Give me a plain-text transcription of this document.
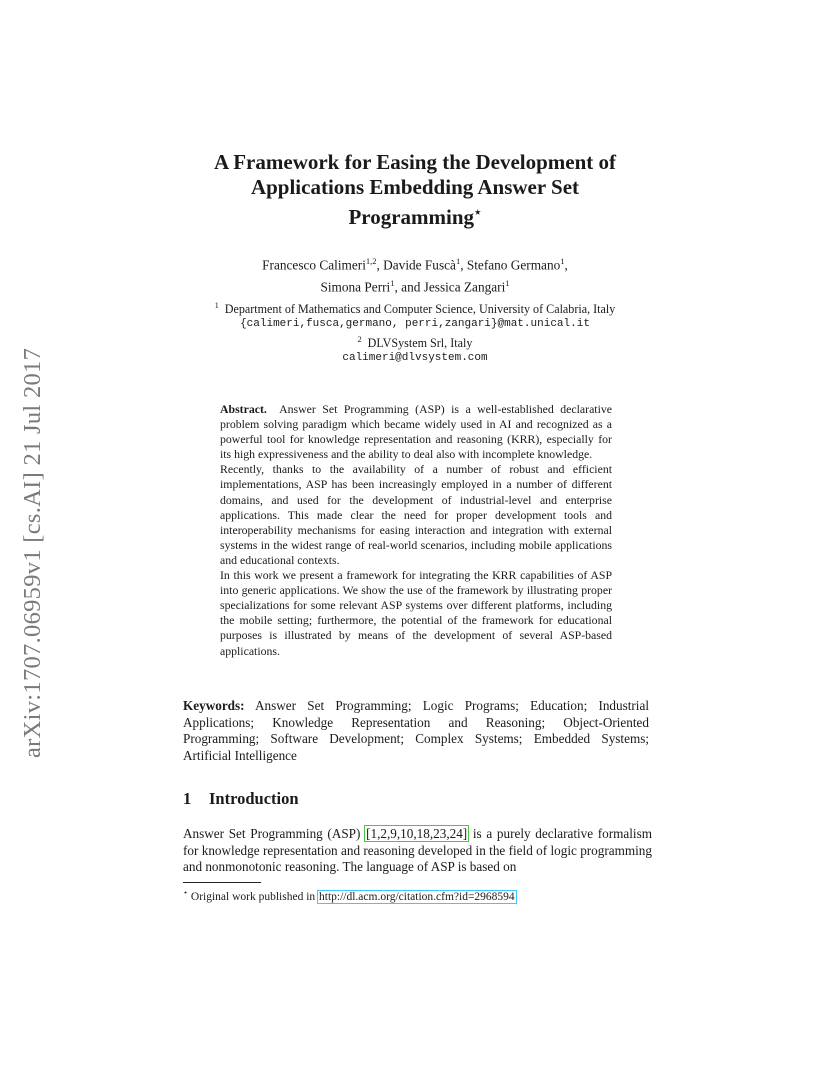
arXiv:1707.06959v1 [cs.AI] 21 Jul 2017
A Framework for Easing the Development of
Applications Embedding Answer Set
Programming⋆
Francesco Calimeri$^{1,2}$, Davide Fuscà$^1$, Stefano Germano$^1$,
Simona Perri$^1$, and Jessica Zangari$^1$
$^1$ Department of Mathematics and Computer Science, University of Calabria, Italy
{calimeri,fusca,germano, perri,zangari}@mat.unical.it
$^2$ DLVSystem Srl, Italy
calimeri@dlvsystem.com

Abstract. Answer Set Programming (ASP) is a well-established declarative problem solving paradigm which became widely used in AI and recognized as a powerful tool for knowledge representation and reasoning (KRR), especially for its high expressiveness and the ability to deal also with incomplete knowledge.

Recently, thanks to the availability of a number of robust and efficient implementations, ASP has been increasingly employed in a number of different domains, and used for the development of industrial-level and enterprise applications. This made clear the need for proper development tools and interoperability mechanisms for easing interaction and integration with external systems in the widest range of real-world scenarios, including mobile applications and educational contexts.

In this work we present a framework for integrating the KRR capabilities of ASP into generic applications. We show the use of the framework by illustrating proper specializations for some relevant ASP systems over different platforms, including the mobile setting; furthermore, the potential of the framework for educational purposes is illustrated by means of the development of several ASP-based applications.

Keywords: Answer Set Programming; Logic Programs; Education; Industrial Applications; Knowledge Representation and Reasoning; Object-Oriented Programming; Software Development; Complex Systems; Embedded Systems; Artificial Intelligence

1 Introduction

Answer Set Programming (ASP) [1,2,9,10,18,23,24] is a purely declarative formalism for knowledge representation and reasoning developed in the field of logic programming and nonmonotonic reasoning. The language of ASP is based on

⋆ Original work published in http://dl.acm.org/citation.cfm?id=2968594
